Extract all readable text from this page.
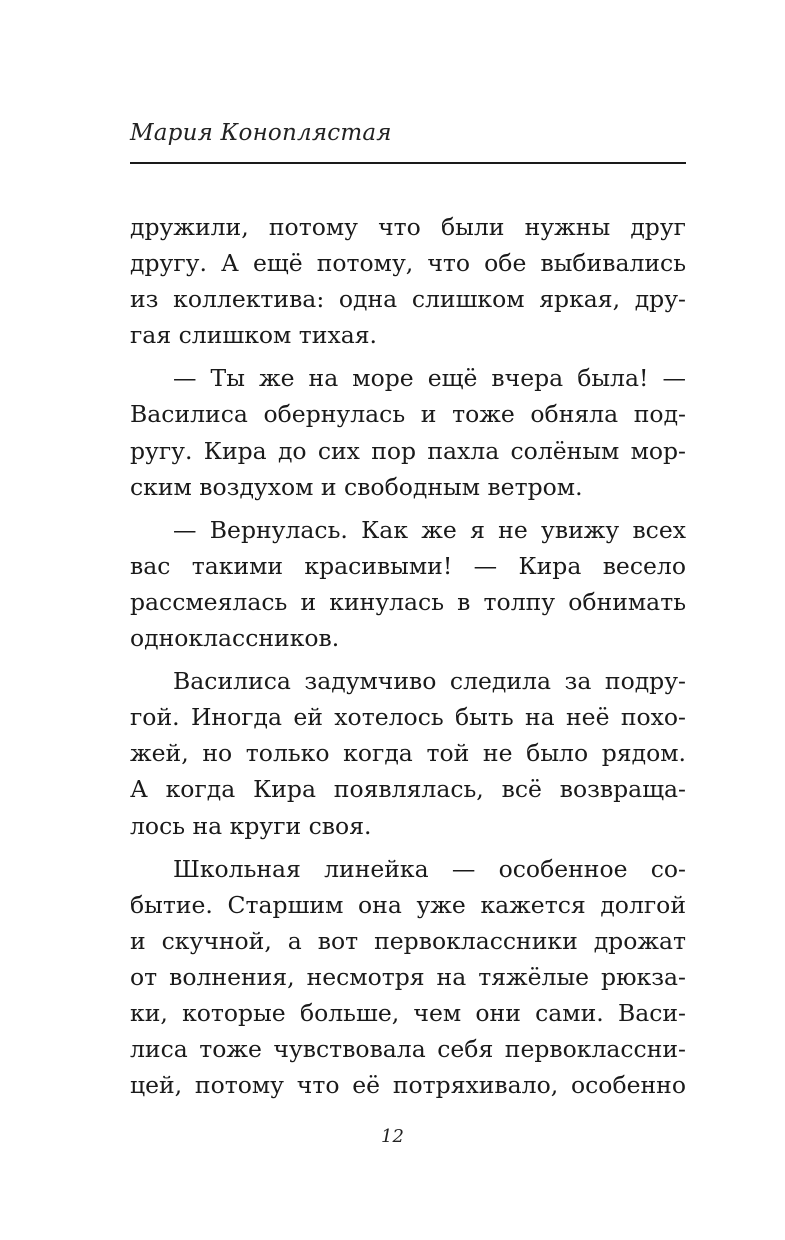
Мария Коноплястая
дружили, потому что были нужны друг
другу. А ещё потому, что обе выбивались
из коллектива: одна слишком яркая, дру-
гая слишком тихая.
— Ты же на море ещё вчера была! —
Василиса обернулась и тоже обняла под-
ругу. Кира до сих пор пахла солёным мор-
ским воздухом и свободным ветром.
— Вернулась. Как же я не увижу всех
вас такими красивыми! — Кира весело
рассмеялась и кинулась в толпу обнимать
одноклассников.
Василиса задумчиво следила за подру-
гой. Иногда ей хотелось быть на неё похо-
жей, но только когда той не было рядом.
А когда Кира появлялась, всё возвраща-
лось на круги своя.
Школьная линейка — особенное со-
бытие. Старшим она уже кажется долгой
и скучной, а вот первоклассники дрожат
от волнения, несмотря на тяжёлые рюкза-
ки, которые больше, чем они сами. Васи-
лиса тоже чувствовала себя первоклассни-
цей, потому что её потряхивало, особенно
12
